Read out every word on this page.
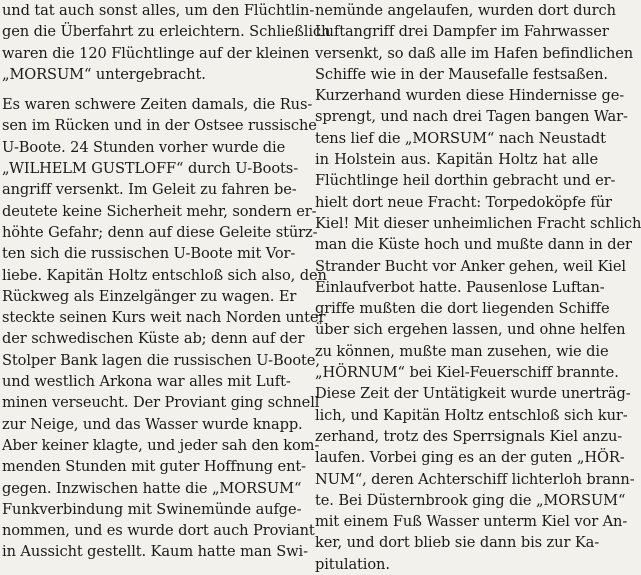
und tat auch sonst alles, um den Flüchtlin-
gen die Überfahrt zu erleichtern. Schließlich
waren die 120 Flüchtlinge auf der kleinen
„MORSUM“ untergebracht.
Es waren schwere Zeiten damals, die Rus-
sen im Rücken und in der Ostsee russische
U-Boote. 24 Stunden vorher wurde die
„WILHELM GUSTLOFF“ durch U-Boots-
angriff versenkt. Im Geleit zu fahren be-
deutete keine Sicherheit mehr, sondern er-
höhte Gefahr; denn auf diese Geleite stürz-
ten sich die russischen U-Boote mit Vor-
liebe. Kapitän Holtz entschloß sich also, den
Rückweg als Einzelgänger zu wagen. Er
steckte seinen Kurs weit nach Norden unter
der schwedischen Küste ab; denn auf der
Stolper Bank lagen die russischen U-Boote,
und westlich Arkona war alles mit Luft-
minen verseucht. Der Proviant ging schnell
zur Neige, und das Wasser wurde knapp.
Aber keiner klagte, und jeder sah den kom-
menden Stunden mit guter Hoffnung ent-
gegen. Inzwischen hatte die „MORSUM“
Funkverbindung mit Swinemünde aufge-
nommen, und es wurde dort auch Proviant
in Aussicht gestellt. Kaum hatte man Swi-
nemünde angelaufen, wurden dort durch
Luftangriff drei Dampfer im Fahrwasser
versenkt, so daß alle im Hafen befindlichen
Schiffe wie in der Mausefalle festsaßen.
Kurzerhand wurden diese Hindernisse ge-
sprengt, und nach drei Tagen bangen War-
tens lief die „MORSUM“ nach Neustadt
in Holstein aus. Kapitän Holtz hat alle
Flüchtlinge heil dorthin gebracht und er-
hielt dort neue Fracht: Torpedoköpfe für
Kiel! Mit dieser unheimlichen Fracht schlich
man die Küste hoch und mußte dann in der
Strander Bucht vor Anker gehen, weil Kiel
Einlaufverbot hatte. Pausenlose Luftan-
griffe mußten die dort liegenden Schiffe
über sich ergehen lassen, und ohne helfen
zu können, mußte man zusehen, wie die
„HÖRNUM“ bei Kiel-Feuerschiff brannte.
Diese Zeit der Untätigkeit wurde unerträg-
lich, und Kapitän Holtz entschloß sich kur-
zerhand, trotz des Sperrsignals Kiel anzu-
laufen. Vorbei ging es an der guten „HÖR-
NUM“, deren Achterschiff lichterloh brann-
te. Bei Düsternbrook ging die „MORSUM“
mit einem Fuß Wasser unterm Kiel vor An-
ker, und dort blieb sie dann bis zur Ka-
pitulation.
